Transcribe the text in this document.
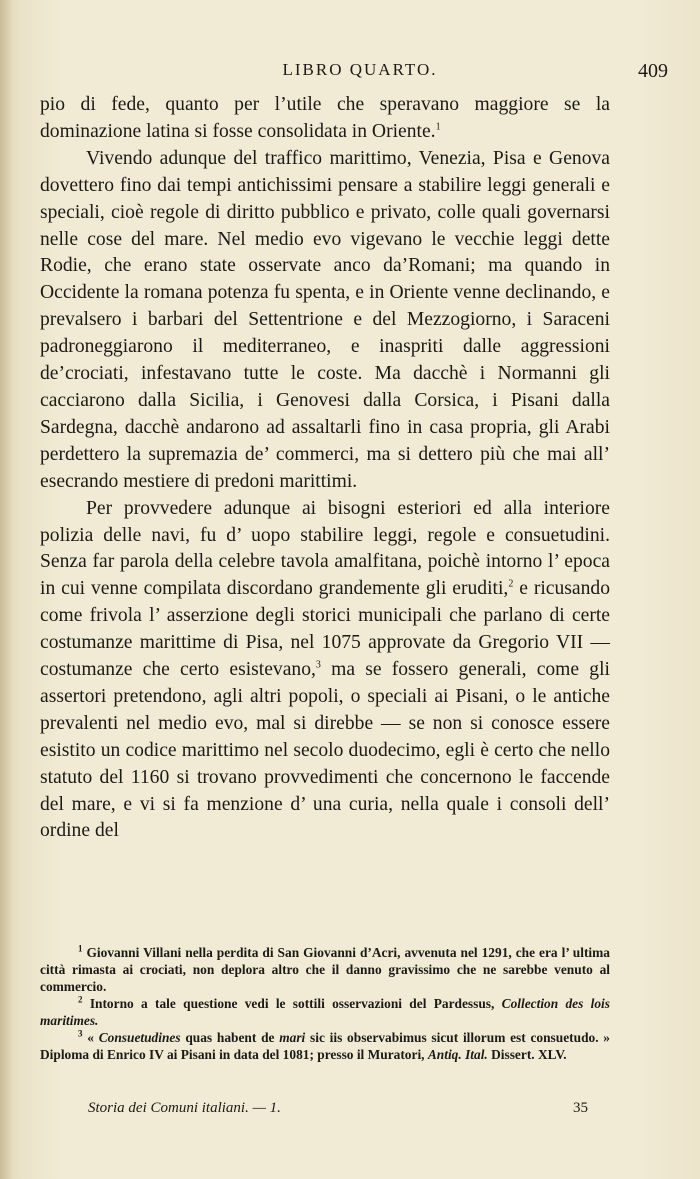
LIBRO QUARTO.	409

pio di fede, quanto per l’utile che speravano maggiore se la dominazione latina si fosse consolidata in Oriente.$^1$

Vivendo adunque del traffico marittimo, Venezia, Pisa e Genova dovettero fino dai tempi antichissimi pensare a stabilire leggi generali e speciali, cioè regole di diritto pubblico e privato, colle quali governarsi nelle cose del mare. Nel medio evo vigevano le vecchie leggi dette Rodie, che erano state osservate anco da’Romani; ma quando in Occidente la romana potenza fu spenta, e in Oriente venne declinando, e prevalsero i barbari del Settentrione e del Mezzogiorno, i Saraceni padroneggiarono il mediterraneo, e inaspriti dalle aggressioni de’crociati, infestavano tutte le coste. Ma dacchè i Normanni gli cacciarono dalla Sicilia, i Genovesi dalla Corsica, i Pisani dalla Sardegna, dacchè andarono ad assaltarli fino in casa propria, gli Arabi perdettero la supremazia de’ commerci, ma si dettero più che mai all’ esecrando mestiere di predoni marittimi.

Per provvedere adunque ai bisogni esteriori ed alla interiore polizia delle navi, fu d’ uopo stabilire leggi, regole e consuetudini. Senza far parola della celebre tavola amalfitana, poichè intorno l’ epoca in cui venne compilata discordano grandemente gli eruditi,$^2$ e ricusando come frivola l’ asserzione degli storici municipali che parlano di certe costumanze marittime di Pisa, nel 1075 approvate da Gregorio VII — costumanze che certo esistevano,$^3$ ma se fossero generali, come gli assertori pretendono, agli altri popoli, o speciali ai Pisani, o le antiche prevalenti nel medio evo, mal si direbbe — se non si conosce essere esistito un codice marittimo nel secolo duodecimo, egli è certo che nello statuto del 1160 si trovano provvedimenti che concernono le faccende del mare, e vi si fa menzione d’ una curia, nella quale i consoli dell’ ordine del

$^1$ Giovanni Villani nella perdita di San Giovanni d’Acri, avvenuta nel 1291, che era l’ ultima città rimasta ai crociati, non deplora altro che il danno gravissimo che ne sarebbe venuto al commercio.

$^2$ Intorno a tale questione vedi le sottili osservazioni del Pardessus, Collection des lois maritimes.

$^3$ « Consuetudines quas habent de mari sic iis observabimus sicut illorum est consuetudo. » Diploma di Enrico IV ai Pisani in data del 1081; presso il Muratori, Antiq. Ital. Dissert. XLV.

Storia dei Comuni italiani. — 1.	35
